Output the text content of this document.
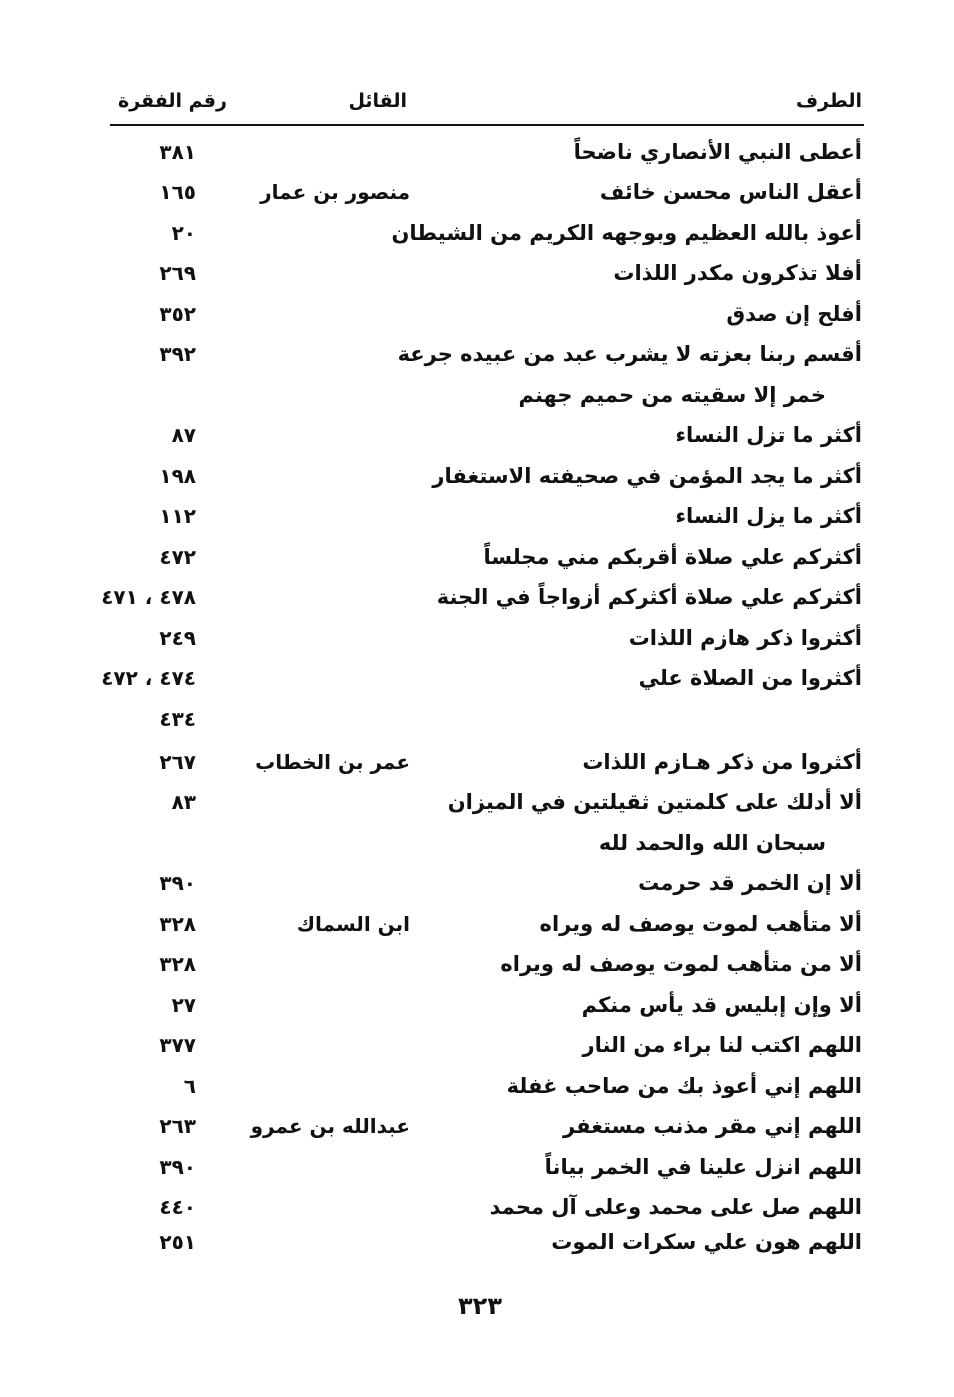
الطرف
القائل
رقم الفقرة
أعطى النبي الأنصاري ناضحاً
٣٨١
أعقل الناس محسن خائف
منصور بن عمار
١٦٥
أعوذ بالله العظيم وبوجهه الكريم من الشيطان
٢٠
أفلا تذكرون مكدر اللذات
٢٦٩
أفلح إن صدق
٣٥٢
أقسم ربنا بعزته لا يشرب عبد من عبيده جرعة
٣٩٢
خمر إلا سقيته من حميم جهنم
أكثر ما تزل النساء
٨٧
أكثر ما يجد المؤمن في صحيفته الاستغفار
١٩٨
أكثر ما يزل النساء
١١٢
أكثركم علي صلاة أقربكم مني مجلساً
٤٧٢
أكثركم علي صلاة أكثركم أزواجاً في الجنة
٤٧٨ ، ٤٧١
أكثروا ذكر هازم اللذات
٢٤٩
أكثروا من الصلاة علي
٤٧٤ ، ٤٧٢
٤٣٤
أكثروا من ذكر هـازم اللذات
عمر بن الخطاب
٢٦٧
ألا أدلك على كلمتين ثقيلتين في الميزان
٨٣
سبحان الله والحمد لله
ألا إن الخمر قد حرمت
٣٩٠
ألا متأهب لموت يوصف له ويراه
ابن السماك
٣٢٨
ألا من متأهب لموت يوصف له ويراه
٣٢٨
ألا وإن إبليس قد يأس منكم
٢٧
اللهم اكتب لنا براء من النار
٣٧٧
اللهم إني أعوذ بك من صاحب غفلة
٦
اللهم إني مقر مذنب مستغفر
عبدالله بن عمرو
٢٦٣
اللهم انزل علينا في الخمر بياناً
٣٩٠
اللهم صل على محمد وعلى آل محمد
٤٤٠
اللهم هون علي سكرات الموت
٢٥١
٣٢٣
